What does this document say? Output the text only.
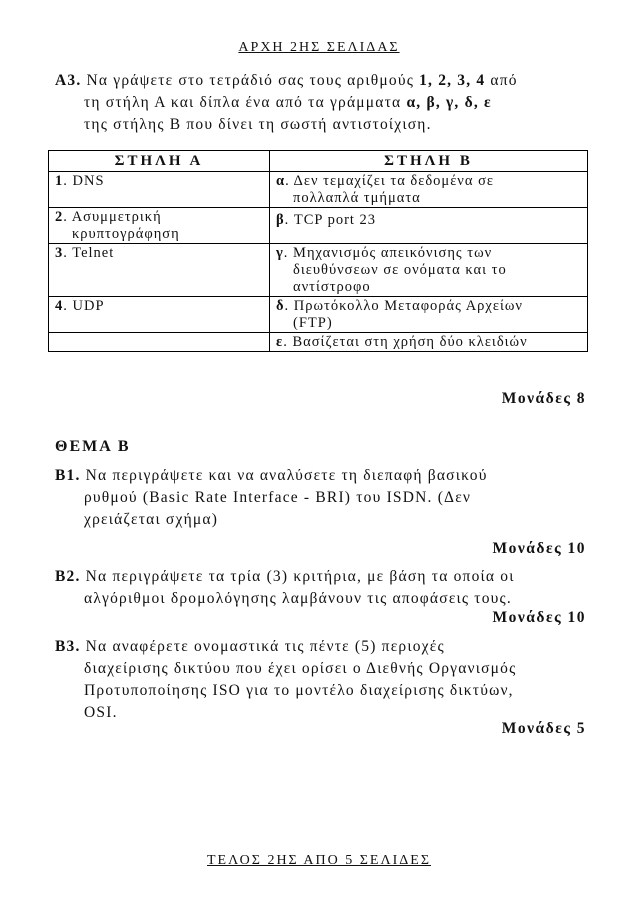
ΑΡΧΗ 2ΗΣ ΣΕΛΙΔΑΣ
Α3. Να γράψετε στο τετράδιό σας τους αριθμούς 1, 2, 3, 4 από
τη στήλη Α και δίπλα ένα από τα γράμματα α, β, γ, δ, ε
της στήλης Β που δίνει τη σωστή αντιστοίχιση.
ΣΤΗΛΗ Α	ΣΤΗΛΗ Β
1. DNS	α. Δεν τεμαχίζει τα δεδομένα σε
πολλαπλά τμήματα

2. Ασυμμετρική
κρυπτογράφηση	β. TCP port 23
3. Telnet	γ. Μηχανισμός απεικόνισης των
διευθύνσεων σε ονόματα και το
αντίστροφο

4. UDP	δ. Πρωτόκολλο Μεταφοράς Αρχείων
(FTP)

	ε. Βασίζεται στη χρήση δύο κλειδιών
Μονάδες 8
ΘΕΜΑ Β
Β1. Να περιγράψετε και να αναλύσετε τη διεπαφή βασικού
ρυθμού (Basic Rate Interface - BRI) του ISDN. (Δεν
χρειάζεται σχήμα)
Μονάδες 10
Β2. Να περιγράψετε τα τρία (3) κριτήρια, με βάση τα οποία οι
αλγόριθμοι δρομολόγησης λαμβάνουν τις αποφάσεις τους.
Μονάδες 10
Β3. Να αναφέρετε ονομαστικά τις πέντε (5) περιοχές
διαχείρισης δικτύου που έχει ορίσει ο Διεθνής Οργανισμός
Προτυποποίησης ISO για το μοντέλο διαχείρισης δικτύων,
OSI.
Μονάδες 5
ΤΕΛΟΣ 2ΗΣ ΑΠΟ 5 ΣΕΛΙΔΕΣ
